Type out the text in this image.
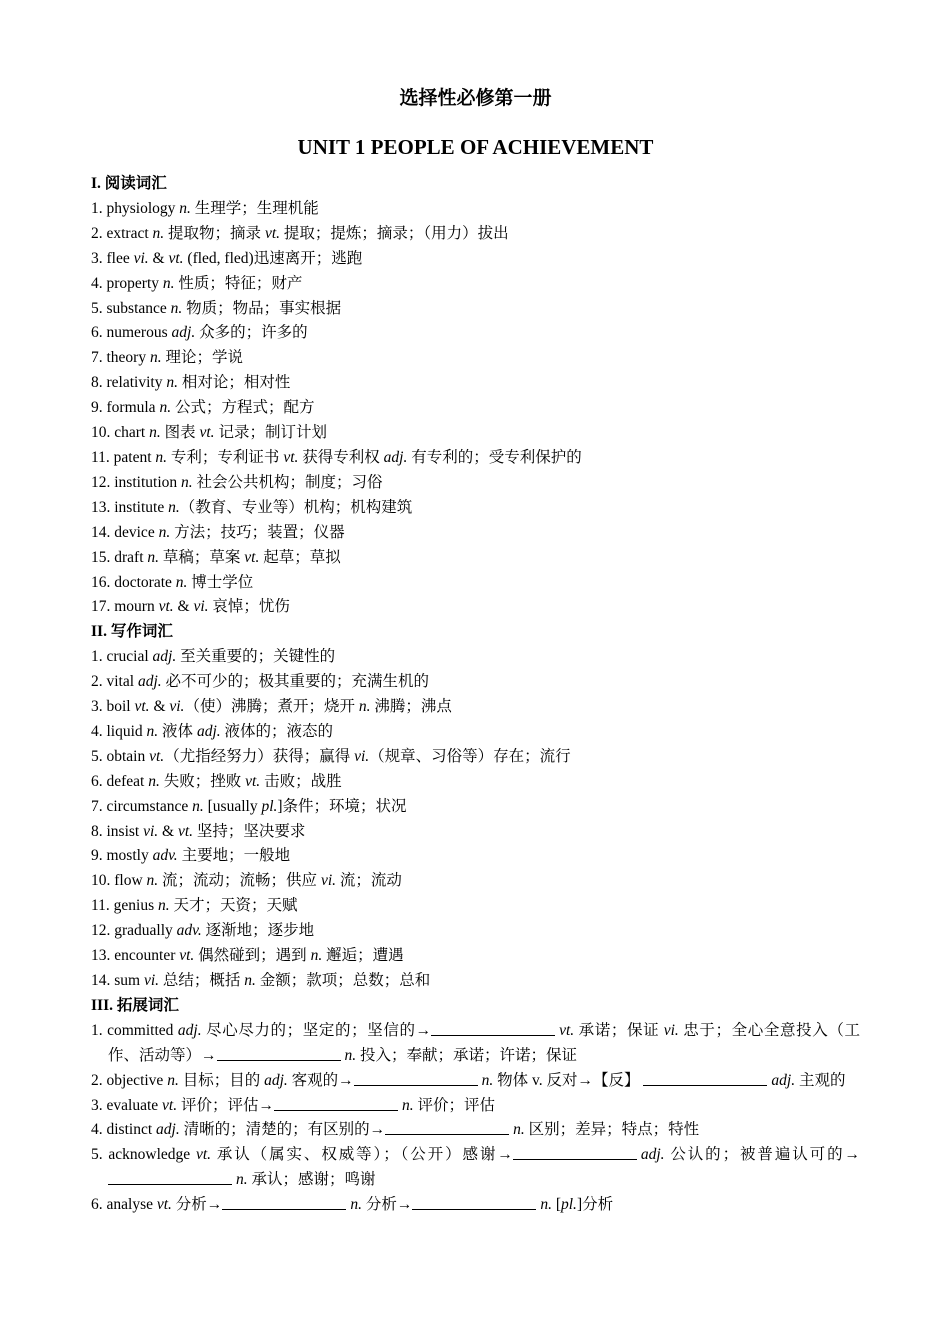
选择性必修第一册
UNIT 1 PEOPLE OF ACHIEVEMENT
I. 阅读词汇
1. physiology n. 生理学；生理机能
2. extract n. 提取物；摘录 vt. 提取；提炼；摘录；（用力）拔出
3. flee vi. & vt. (fled, fled)迅速离开；逃跑
4. property n. 性质；特征；财产
5. substance n. 物质；物品；事实根据
6. numerous adj. 众多的；许多的
7. theory n. 理论；学说
8. relativity n. 相对论；相对性
9. formula n. 公式；方程式；配方
10. chart n. 图表 vt. 记录；制订计划
11. patent n. 专利；专利证书 vt. 获得专利权 adj. 有专利的；受专利保护的
12. institution n. 社会公共机构；制度；习俗
13. institute n.（教育、专业等）机构；机构建筑
14. device n. 方法；技巧；装置；仪器
15. draft n. 草稿；草案 vt. 起草；草拟
16. doctorate n. 博士学位
17. mourn vt. & vi. 哀悼；忧伤
II. 写作词汇
1. crucial adj. 至关重要的；关键性的
2. vital adj. 必不可少的；极其重要的；充满生机的
3. boil vt. & vi.（使）沸腾；煮开；烧开 n. 沸腾；沸点
4. liquid n. 液体 adj. 液体的；液态的
5. obtain vt.（尤指经努力）获得；赢得 vi.（规章、习俗等）存在；流行
6. defeat n. 失败；挫败 vt. 击败；战胜
7. circumstance n. [usually pl.]条件；环境；状况
8. insist vi. & vt. 坚持；坚决要求
9. mostly adv. 主要地；一般地
10. flow n. 流；流动；流畅；供应 vi. 流；流动
11. genius n. 天才；天资；天赋
12. gradually adv. 逐渐地；逐步地
13. encounter vt. 偶然碰到；遇到 n. 邂逅；遭遇
14. sum vi. 总结；概括 n. 金额；款项；总数；总和
III. 拓展词汇
1. committed adj. 尽心尽力的；坚定的；坚信的→	vt. 承诺；保证 vi. 忠于；全心全意投入（工作、活动等）→	n. 投入；奉献；承诺；许诺；保证
2. objective n. 目标；目的 adj. 客观的→	n. 物体 v. 反对→【反】	adj. 主观的
3. evaluate vt. 评价；评估→	n. 评价；评估
4. distinct adj. 清晰的；清楚的；有区别的→	n. 区别；差异；特点；特性
5. acknowledge vt. 承认（属实、权威等）；（公开）感谢→	adj. 公认的；被普遍认可的→n. 承认；感谢；鸣谢
6. analyse vt. 分析→	n. 分析→	n. [pl.]分析
